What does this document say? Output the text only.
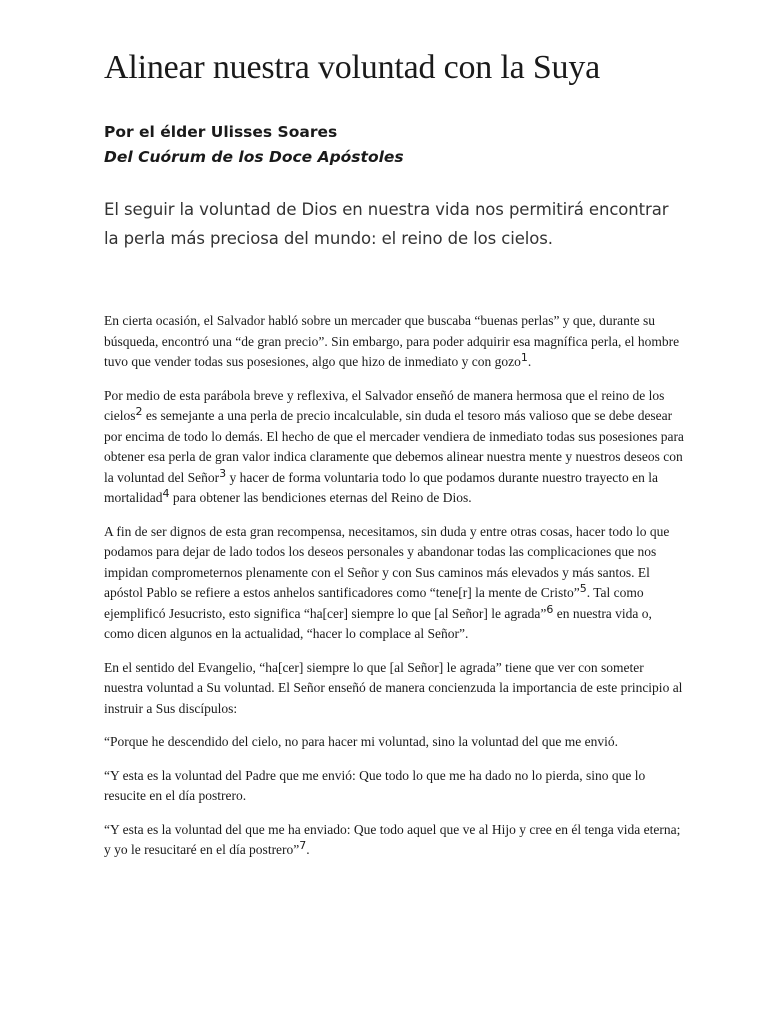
Alinear nuestra voluntad con la Suya
Por el élder Ulisses Soares
Del Cuórum de los Doce Apóstoles
El seguir la voluntad de Dios en nuestra vida nos permitirá encontrar la perla más preciosa del mundo: el reino de los cielos.

En cierta ocasión, el Salvador habló sobre un mercader que buscaba “buenas perlas” y que, durante su búsqueda, encontró una “de gran precio”. Sin embargo, para poder adquirir esa magnífica perla, el hombre tuvo que vender todas sus posesiones, algo que hizo de inmediato y con gozo$^1$.

Por medio de esta parábola breve y reflexiva, el Salvador enseñó de manera hermosa que el reino de los cielos$^2$ es semejante a una perla de precio incalculable, sin duda el tesoro más valioso que se debe desear por encima de todo lo demás. El hecho de que el mercader vendiera de inmediato todas sus posesiones para obtener esa perla de gran valor indica claramente que debemos alinear nuestra mente y nuestros deseos con la voluntad del Señor$^3$ y hacer de forma voluntaria todo lo que podamos durante nuestro trayecto en la mortalidad$^4$ para obtener las bendiciones eternas del Reino de Dios.

A fin de ser dignos de esta gran recompensa, necesitamos, sin duda y entre otras cosas, hacer todo lo que podamos para dejar de lado todos los deseos personales y abandonar todas las complicaciones que nos impidan comprometernos plenamente con el Señor y con Sus caminos más elevados y más santos. El apóstol Pablo se refiere a estos anhelos santificadores como “tene[r] la mente de Cristo”$^5$. Tal como ejemplificó Jesucristo, esto significa “ha[cer] siempre lo que [al Señor] le agrada”$^6$ en nuestra vida o, como dicen algunos en la actualidad, “hacer lo complace al Señor”.

En el sentido del Evangelio, “ha[cer] siempre lo que [al Señor] le agrada” tiene que ver con someter nuestra voluntad a Su voluntad. El Señor enseñó de manera concienzuda la importancia de este principio al instruir a Sus discípulos:

“Porque he descendido del cielo, no para hacer mi voluntad, sino la voluntad del que me envió.

“Y esta es la voluntad del Padre que me envió: Que todo lo que me ha dado no lo pierda, sino que lo resucite en el día postrero.

“Y esta es la voluntad del que me ha enviado: Que todo aquel que ve al Hijo y cree en él tenga vida eterna; y yo le resucitaré en el día postrero”$^7$.
